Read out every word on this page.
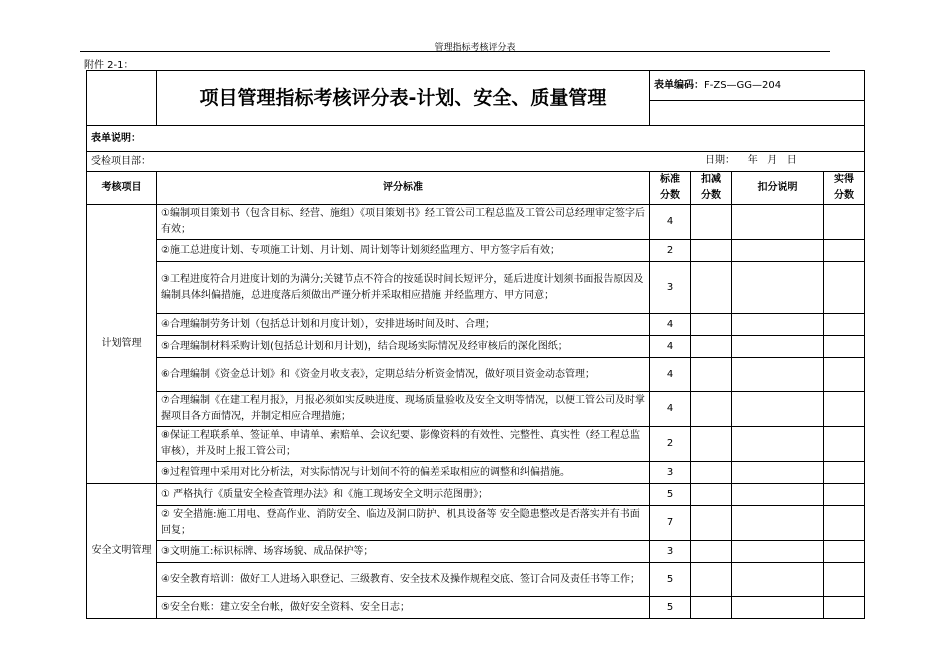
管理指标考核评分表
附件 2-1：
	项目管理指标考核评分表-计划、安全、质量管理	表单编码：F-ZS—GG—204			

表单说明：					
受检项目部： 日期：    年   月   日					

考核项目	评分标准	标准分数	扣减分数	扣分说明	实得分数
计划管理	①编制项目策划书（包含目标、经营、施组）《项目策划书》经工管公司工程总监及工管公司总经理审定签字后有效；	4			
	②施工总进度计划、专项施工计划、月计划、周计划等计划须经监理方、甲方签字后有效；	2			
	③工程进度符合月进度计划的为满分;关键节点不符合的按延误时间长短评分，延后进度计划须书面报告原因及编制具体纠偏措施，总进度落后须做出严谨分析并采取相应措施 并经监理方、甲方同意；	3			
	④合理编制劳务计划（包括总计划和月度计划），安排进场时间及时、合理；	4			
	⑤合理编制材料采购计划(包括总计划和月计划)，结合现场实际情况及经审核后的深化图纸；	4			
	⑥合理编制《资金总计划》和《资金月收支表》，定期总结分析资金情况，做好项目资金动态管理；	4			
	⑦合理编制《在建工程月报》，月报必须如实反映进度、现场质量验收及安全文明等情况，以便工管公司及时掌握项目各方面情况，并制定相应合理措施；	4			
	⑧保证工程联系单、签证单、申请单、索赔单、会议纪要、影像资料的有效性、完整性、真实性（经工程总监审核），并及时上报工管公司；	2			
	⑨过程管理中采用对比分析法，对实际情况与计划间不符的偏差采取相应的调整和纠偏措施。	3			
安全文明管理	① 严格执行《质量安全检查管理办法》和《施工现场安全文明示范图册》；	5			
	② 安全措施:施工用电、登高作业、消防安全、临边及洞口防护、机具设备等 安全隐患整改是否落实并有书面回复；	7			
	③文明施工:标识标牌、场容场貌、成品保护等；	3			
	④安全教育培训：做好工人进场入职登记、三级教育、安全技术及操作规程交底、签订合同及责任书等工作；	5			
	⑤安全台账：建立安全台帐，做好安全资料、安全日志；	5			
